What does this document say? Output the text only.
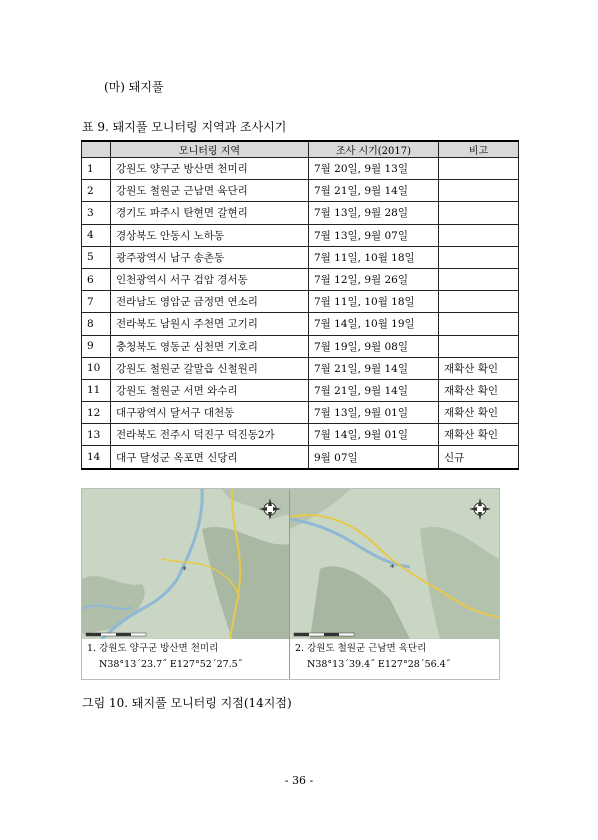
(마) 돼지풀
표 9. 돼지풀 모니터링 지역과 조사시기
	모니터링 지역	조사 시기(2017)	비고
1	강원도 양구군 방산면 천미리	7월 20일, 9월 13일	
2	강원도 철원군 근남면 육단리	7월 21일, 9월 14일	
3	경기도 파주시 탄현면 갈현리	7월 13일, 9월 28일	
4	경상북도 안동시 노하동	7월 13일, 9월 07일	
5	광주광역시 남구 송촌동	7월 11일, 10월 18일	
6	인천광역시 서구 검암 경서동	7월 12일, 9월 26일	
7	전라남도 영암군 금정면 연소리	7월 11일, 10월 18일	
8	전라북도 남원시 주천면 고기리	7월 14일, 10월 19일	
9	충청북도 영동군 심천면 기호리	7월 19일, 9월 08일	
10	강원도 철원군 갈말읍 신철원리	7월 21일, 9월 14일	재확산 확인
11	강원도 철원군 서면 와수리	7월 21일, 9월 14일	재확산 확인
12	대구광역시 달서구 대천동	7월 13일, 9월 01일	재확산 확인
13	전라북도 전주시 덕진구 덕진동2가	7월 14일, 9월 01일	재확산 확인
14	대구 달성군 옥포면 신당리	9월 07일	신규
*	*
1. 강원도 양구군 방산면 천미리
N38°13´23.7˝ E127°52´27.5˝
2. 강원도 철원군 근남면 육단리
N38°13´39.4˝ E127°28´56.4˝
그림 10. 돼지풀 모니터링 지점(14지점)
- 36 -
